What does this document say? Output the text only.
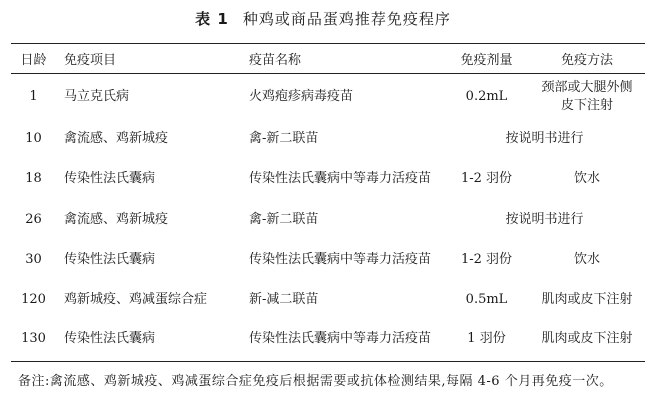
表 1 种鸡或商品蛋鸡推荐免疫程序
日龄	免疫项目	疫苗名称	免疫剂量	免疫方法
1	马立克氏病	火鸡疱疹病毒疫苗	0.2mL	颈部或大腿外侧皮下注射
10	禽流感、鸡新城疫	禽-新二联苗	按说明书进行	
18	传染性法氏囊病	传染性法氏囊病中等毒力活疫苗	1-2 羽份	饮水
26	禽流感、鸡新城疫	禽-新二联苗	按说明书进行	
30	传染性法氏囊病	传染性法氏囊病中等毒力活疫苗	1-2 羽份	饮水
120	鸡新城疫、鸡减蛋综合症	新-减二联苗	0.5mL	肌肉或皮下注射
130	传染性法氏囊病	传染性法氏囊病中等毒力活疫苗	1 羽份	肌肉或皮下注射
备注:禽流感、鸡新城疫、鸡减蛋综合症免疫后根据需要或抗体检测结果,每隔 4-6 个月再免疫一次。
